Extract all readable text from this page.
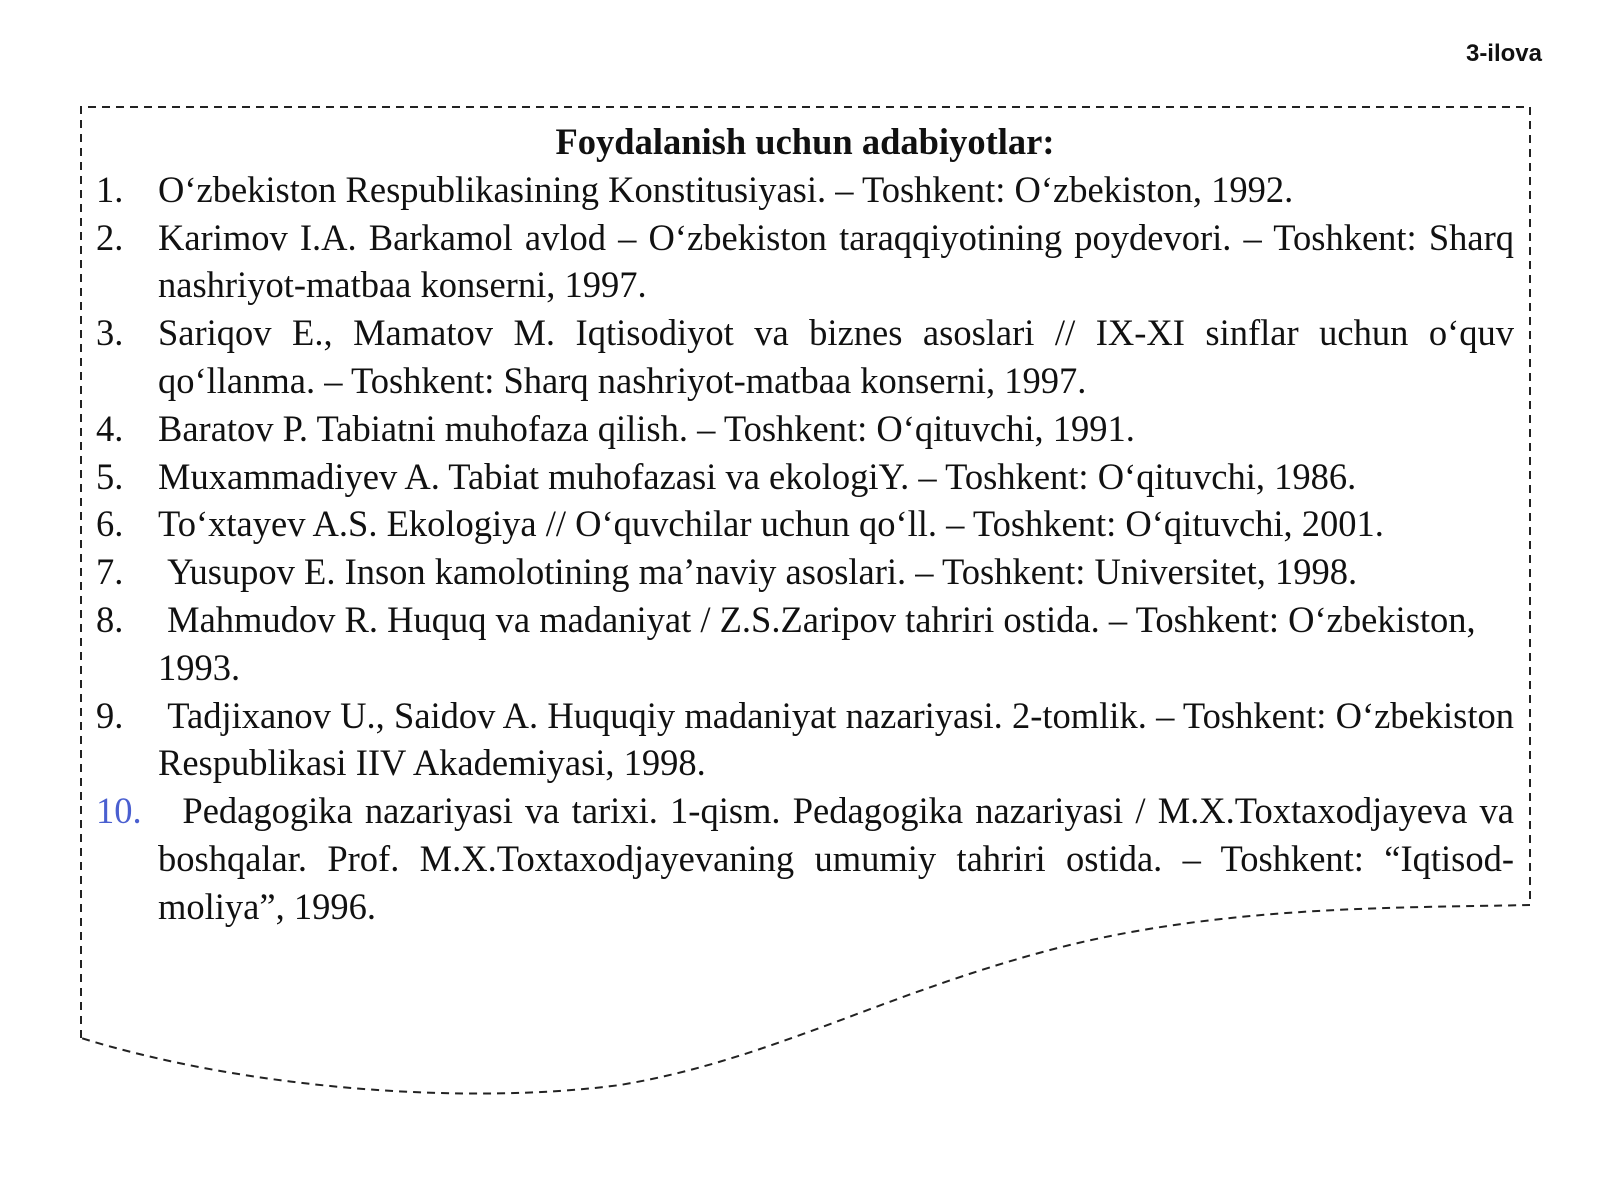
3-ilova
Foydalanish uchun adabiyotlar:
1. O‘zbekiston Respublikasining Konstitusiyasi. – Toshkent: O‘zbekiston, 1992.
2. Karimov I.A. Barkamol avlod – O‘zbekiston taraqqiyotining poydevori. – Toshkent: Sharq nashriyot-matbaa konserni, 1997.
3. Sariqov E., Mamatov M. Iqtisodiyot va biznes asoslari // IX-XI sinflar uchun o‘quv qo‘llanma. – Toshkent: Sharq nashriyot-matbaa konserni, 1997.
4. Baratov P. Tabiatni muhofaza qilish. – Toshkent: O‘qituvchi, 1991.
5. Muxammadiyev A. Tabiat muhofazasi va ekologiY. – Toshkent: O‘qituvchi, 1986.
6. To‘xtayev A.S. Ekologiya // O‘quvchilar uchun qo‘ll. – Toshkent: O‘qituvchi, 2001.
7. Yusupov E. Inson kamolotining ma’naviy asoslari. – Toshkent: Universitet, 1998.
8. Mahmudov R. Huquq va madaniyat / Z.S.Zaripov tahriri ostida. – Toshkent: O‘zbekiston, 1993.
9. Tadjixanov U., Saidov A. Huquqiy madaniyat nazariyasi. 2-tomlik. – Toshkent: O‘zbekiston Respublikasi IIV Akademiyasi, 1998.
10. Pedagogika nazariyasi va tarixi. 1-qism. Pedagogika nazariyasi / M.X.Toxtaxodjayeva va boshqalar. Prof. M.X.Toxtaxodjayevaning umumiy tahriri ostida. – Toshkent: “Iqtisod-moliya”, 1996.
